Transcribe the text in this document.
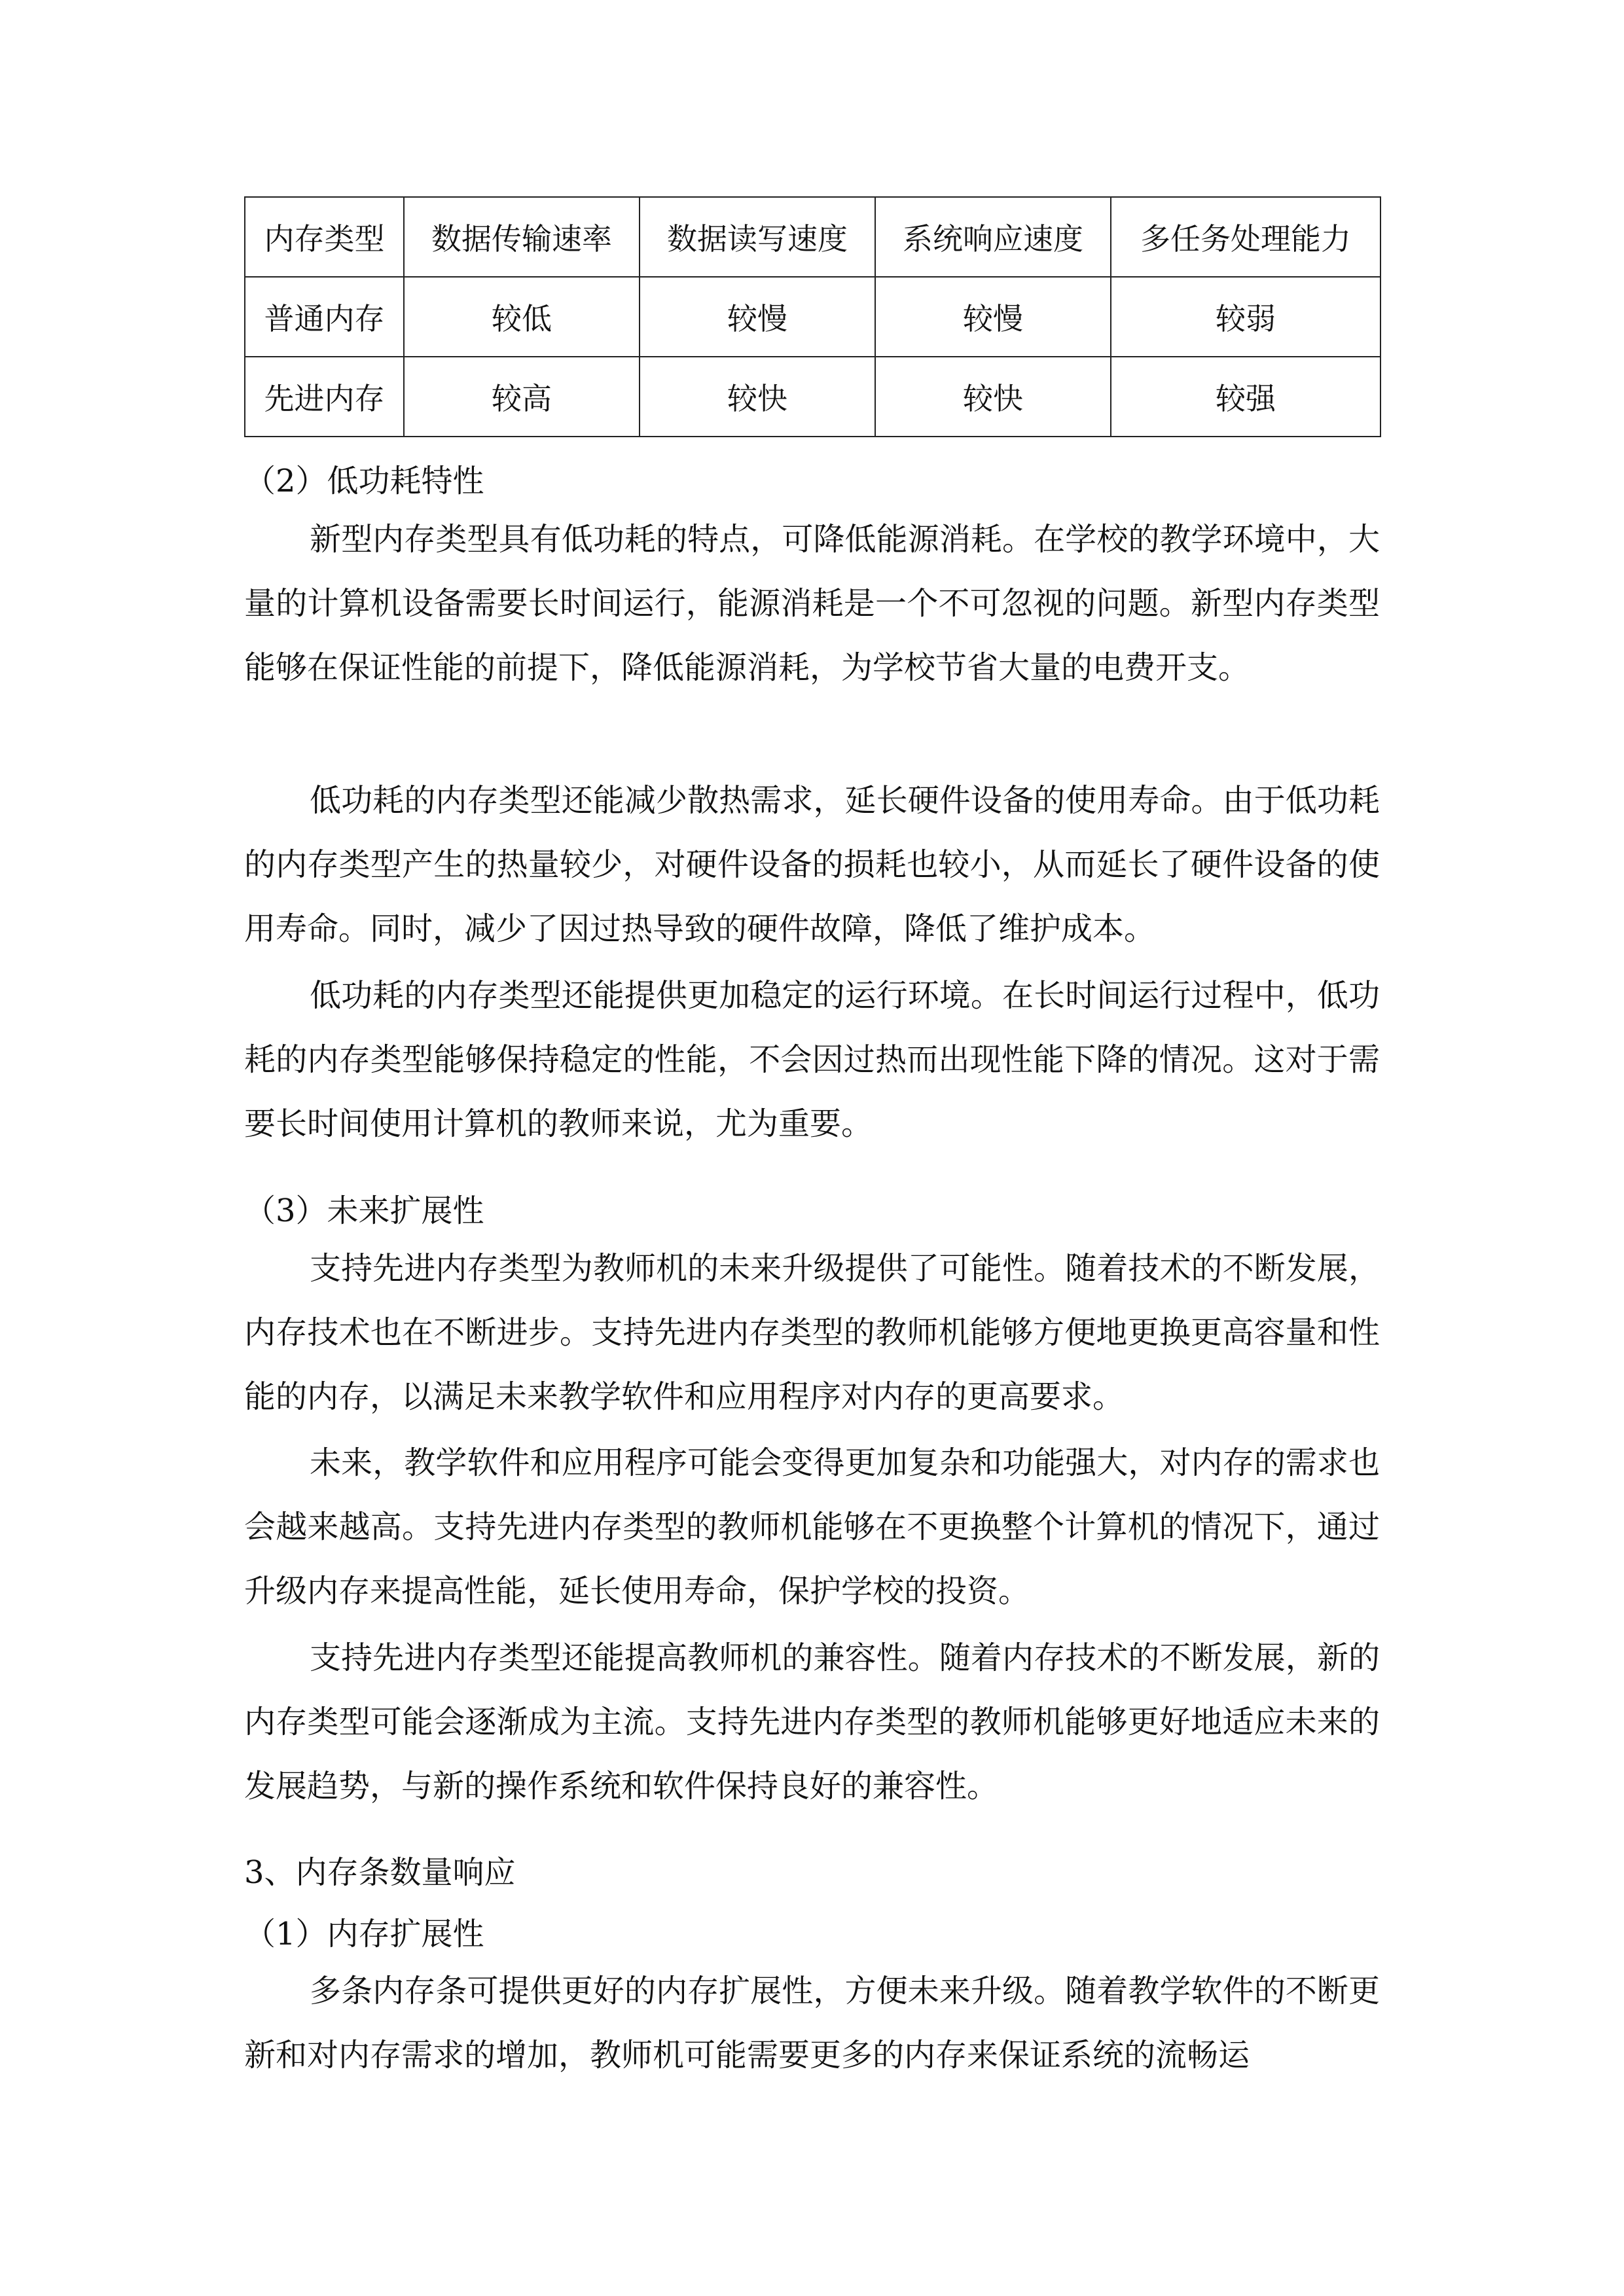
内存类型	数据传输速率	数据读写速度	系统响应速度	多任务处理能力
普通内存	较低	较慢	较慢	较弱
先进内存	较高	较快	较快	较强
（2）低功耗特性

新型内存类型具有低功耗的特点，可降低能源消耗。在学校的教学环境中，大量的计算机设备需要长时间运行，能源消耗是一个不可忽视的问题。新型内存类型能够在保证性能的前提下，降低能源消耗，为学校节省大量的电费开支。

低功耗的内存类型还能减少散热需求，延长硬件设备的使用寿命。由于低功耗的内存类型产生的热量较少，对硬件设备的损耗也较小，从而延长了硬件设备的使用寿命。同时，减少了因过热导致的硬件故障，降低了维护成本。

低功耗的内存类型还能提供更加稳定的运行环境。在长时间运行过程中，低功耗的内存类型能够保持稳定的性能，不会因过热而出现性能下降的情况。这对于需要长时间使用计算机的教师来说，尤为重要。

（3）未来扩展性

支持先进内存类型为教师机的未来升级提供了可能性。随着技术的不断发展，内存技术也在不断进步。支持先进内存类型的教师机能够方便地更换更高容量和性能的内存，以满足未来教学软件和应用程序对内存的更高要求。

未来，教学软件和应用程序可能会变得更加复杂和功能强大，对内存的需求也会越来越高。支持先进内存类型的教师机能够在不更换整个计算机的情况下，通过升级内存来提高性能，延长使用寿命，保护学校的投资。

支持先进内存类型还能提高教师机的兼容性。随着内存技术的不断发展，新的内存类型可能会逐渐成为主流。支持先进内存类型的教师机能够更好地适应未来的发展趋势，与新的操作系统和软件保持良好的兼容性。

3、内存条数量响应
（1）内存扩展性

多条内存条可提供更好的内存扩展性，方便未来升级。随着教学软件的不断更新和对内存需求的增加，教师机可能需要更多的内存来保证系统的流畅运
